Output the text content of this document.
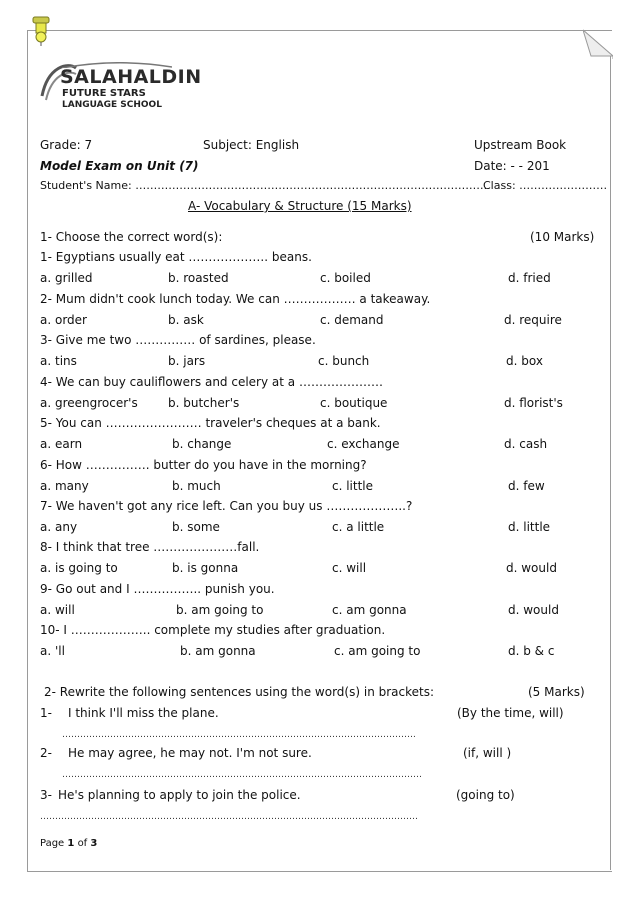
SALAHALDIN
FUTURE STARS
LANGUAGE SCHOOL
Grade: 7	Subject: English	Upstream Book
Model Exam on Unit (7)	Date: - - 201
Student's Name: ……………………………………………………………………………………
Class: ……………………
A- Vocabulary & Structure (15 Marks)
1- Choose the correct word(s):	(10 Marks)
1- Egyptians usually eat ……………….. beans.
a. grilled	b. roasted	c. boiled	d. fried
2- Mum didn't cook lunch today. We can ……………… a takeaway.
a. order	b. ask	c. demand	d. require
3- Give me two …………… of sardines, please.
a. tins	b. jars	c. bunch	d. box
4- We can buy cauliflowers and celery at a …………………
a. greengrocer's	b. butcher's	c. boutique	d. florist's
5- You can …………………… traveler's cheques at a bank.
a. earn	b. change	c. exchange	d. cash
6- How ……………. butter do you have in the morning?
a. many	b. much	c. little	d. few
7- We haven't got any rice left. Can you buy us ………………..?
a. any	b. some	c. a little	d. little
8- I think that tree …………………fall.
a. is going to	b. is gonna	c. will	d. would
9- Go out and I …………….. punish you.
a. will	b. am going to	c. am gonna	d. would
10- I ……………….. complete my studies after graduation.
a. 'll	b. am gonna	c. am going to	d. b & c
2- Rewrite the following sentences using the word(s) in brackets:	(5 Marks)
1- I think I'll miss the plane.	(By the time, will)
……………………………………………………………………………………………………….
2- He may agree, he may not. I'm not sure.	(if, will )
…………………………………………………………………………………………………………
3- He's planning to apply to join the police.	(going to)
………………………………………………………………………………………………………………
Page 1 of 3
